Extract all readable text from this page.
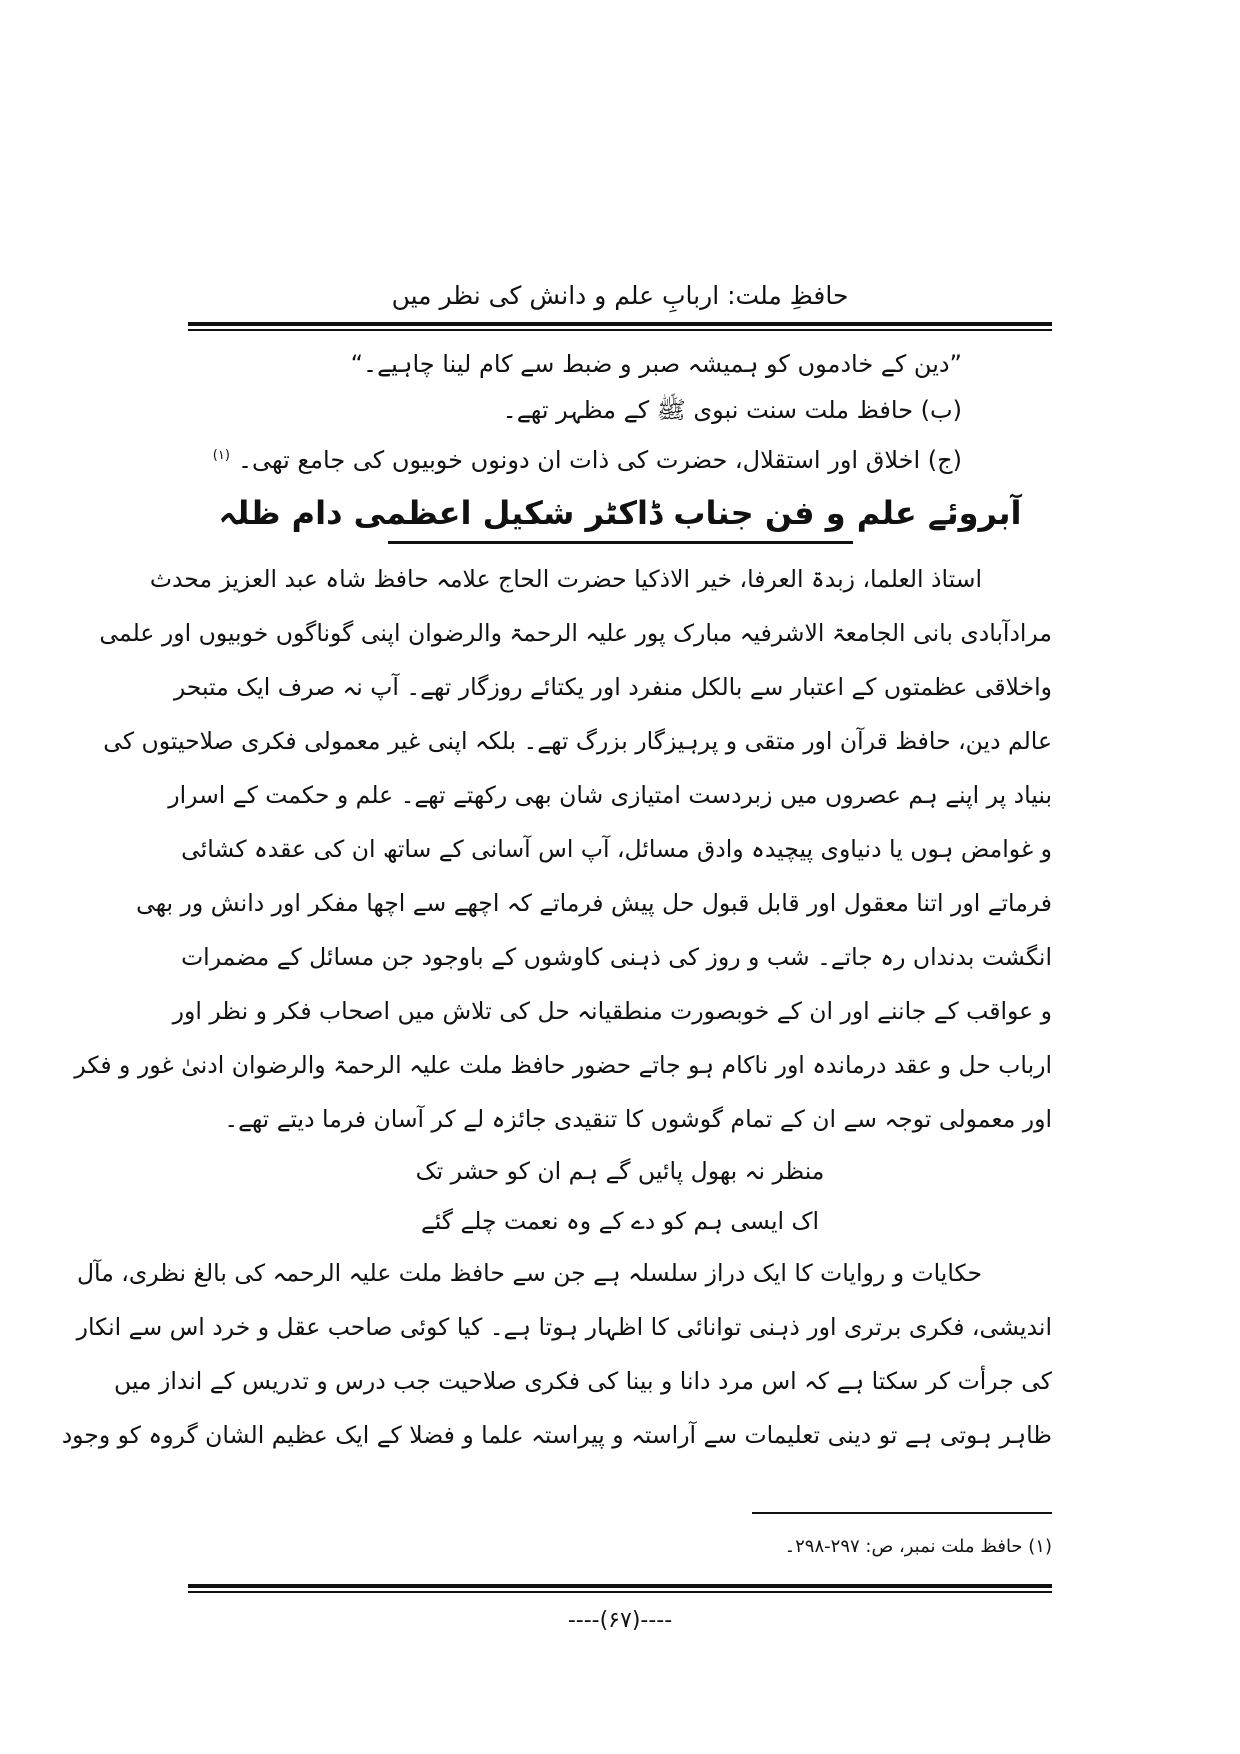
حافظِ ملت: اربابِ علم و دانش کی نظر میں
”دین کے خادموں کو ہمیشہ صبر و ضبط سے کام لینا چاہیے۔“
(ب) حافظ ملت سنت نبوی ﷺ کے مظہر تھے۔
(ج) اخلاق اور استقلال، حضرت کی ذات ان دونوں خوبیوں کی جامع تھی۔$^{(۱)}$
آبروئے علم و فن جناب ڈاکٹر شکیل اعظمی دام ظلہ
استاذ العلما، زبدۃ العرفا، خیر الاذکیا حضرت الحاج علامہ حافظ شاہ عبد العزیز محدث
مرادآبادی بانی الجامعۃ الاشرفیہ مبارک پور علیہ الرحمۃ والرضوان اپنی گوناگوں خوبیوں اور علمی
واخلاقی عظمتوں کے اعتبار سے بالکل منفرد اور یکتائے روزگار تھے۔ آپ نہ صرف ایک متبحر
عالم دین، حافظ قرآن اور متقی و پرہیزگار بزرگ تھے۔ بلکہ اپنی غیر معمولی فکری صلاحیتوں کی
بنیاد پر اپنے ہم عصروں میں زبردست امتیازی شان بھی رکھتے تھے۔ علم و حکمت کے اسرار
و غوامض ہوں یا دنیاوی پیچیدہ وادق مسائل، آپ اس آسانی کے ساتھ ان کی عقدہ کشائی
فرماتے اور اتنا معقول اور قابل قبول حل پیش فرماتے کہ اچھے سے اچھا مفکر اور دانش ور بھی
انگشت بدنداں رہ جاتے۔ شب و روز کی ذہنی کاوشوں کے باوجود جن مسائل کے مضمرات
و عواقب کے جاننے اور ان کے خوبصورت منطقیانہ حل کی تلاش میں اصحاب فکر و نظر اور
ارباب حل و عقد درماندہ اور ناکام ہو جاتے حضور حافظ ملت علیہ الرحمۃ والرضوان ادنیٰ غور و فکر
اور معمولی توجہ سے ان کے تمام گوشوں کا تنقیدی جائزہ لے کر آسان فرما دیتے تھے۔
منظر نہ بھول پائیں گے ہم ان کو حشر تک
اک ایسی ہم کو دے کے وہ نعمت چلے گئے
حکایات و روایات کا ایک دراز سلسلہ ہے جن سے حافظ ملت علیہ الرحمہ کی بالغ نظری، مآل
اندیشی، فکری برتری اور ذہنی توانائی کا اظہار ہوتا ہے۔ کیا کوئی صاحب عقل و خرد اس سے انکار
کی جرأت کر سکتا ہے کہ اس مرد دانا و بینا کی فکری صلاحیت جب درس و تدریس کے انداز میں
ظاہر ہوتی ہے تو دینی تعلیمات سے آراستہ و پیراستہ علما و فضلا کے ایک عظیم الشان گروہ کو وجود
(۱) حافظ ملت نمبر، ص: ۲۹۷-۲۹۸۔
----(۶۷)----
